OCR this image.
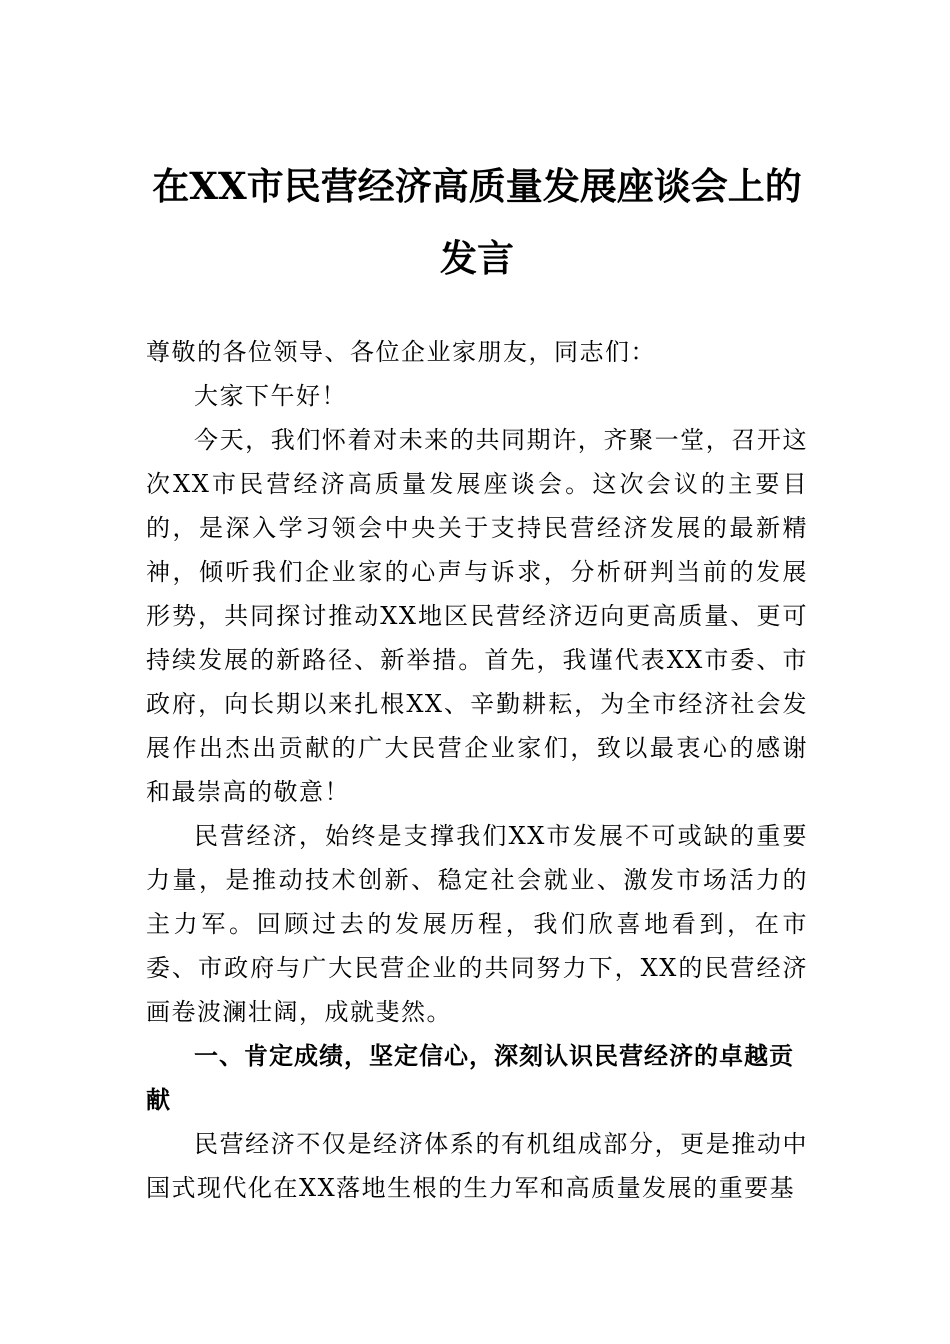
在XX市民营经济高质量发展座谈会上的发言

尊敬的各位领导、各位企业家朋友，同志们：

大家下午好！

今天，我们怀着对未来的共同期许，齐聚一堂，召开这次XX市民营经济高质量发展座谈会。这次会议的主要目的，是深入学习领会中央关于支持民营经济发展的最新精神，倾听我们企业家的心声与诉求，分析研判当前的发展形势，共同探讨推动XX地区民营经济迈向更高质量、更可持续发展的新路径、新举措。首先，我谨代表XX市委、市政府，向长期以来扎根XX、辛勤耕耘，为全市经济社会发展作出杰出贡献的广大民营企业家们，致以最衷心的感谢和最崇高的敬意！

民营经济，始终是支撑我们XX市发展不可或缺的重要力量，是推动技术创新、稳定社会就业、激发市场活力的主力军。回顾过去的发展历程，我们欣喜地看到，在市委、市政府与广大民营企业的共同努力下，XX的民营经济画卷波澜壮阔，成就斐然。

一、肯定成绩，坚定信心，深刻认识民营经济的卓越贡献

民营经济不仅是经济体系的有机组成部分，更是推动中国式现代化在XX落地生根的生力军和高质量发展的重要基
